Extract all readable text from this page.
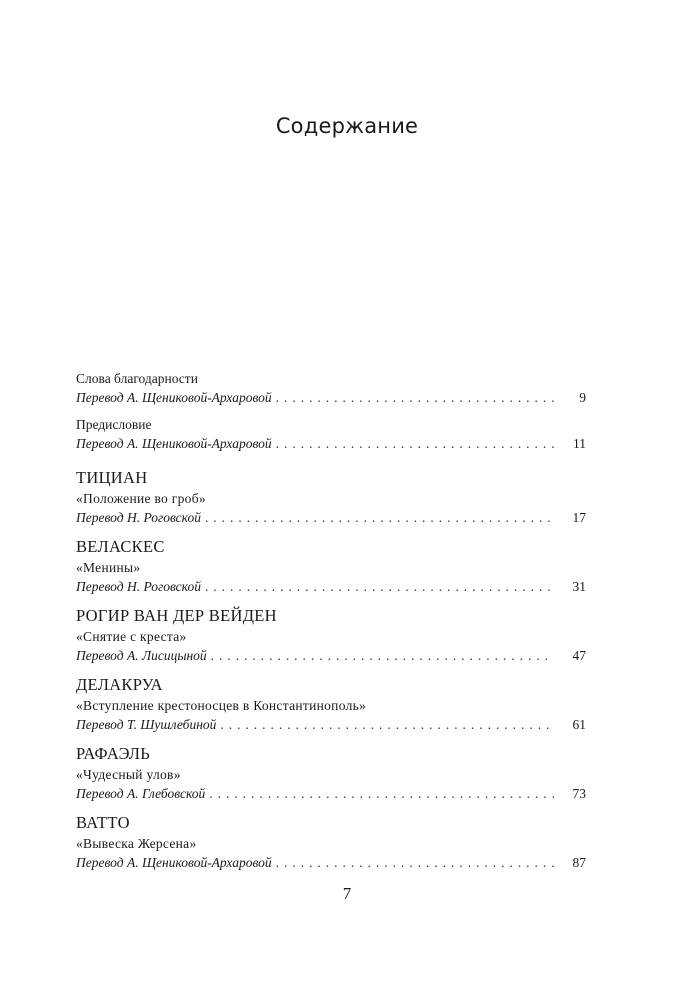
Содержание
Слова благодарности
Перевод А. Щениковой-Архаровой . . .	9
Предисловие
Перевод А. Щениковой-Архаровой . . .	11
ТИЦИАН
«Положение во гроб»
Перевод Н. Роговской . . .	17
ВЕЛАСКЕС
«Менины»
Перевод Н. Роговской . . .	31
РОГИР ВАН ДЕР ВЕЙДЕН
«Снятие с креста»
Перевод А. Лисицыной . . .	47
ДЕЛАКРУА
«Вступление крестоносцев в Константинополь»
Перевод Т. Шушлебиной . . .	61
РАФАЭЛЬ
«Чудесный улов»
Перевод А. Глебовской . . .	73
ВАТТО
«Вывеска Жерсена»
Перевод А. Щениковой-Архаровой . . .	87
7
